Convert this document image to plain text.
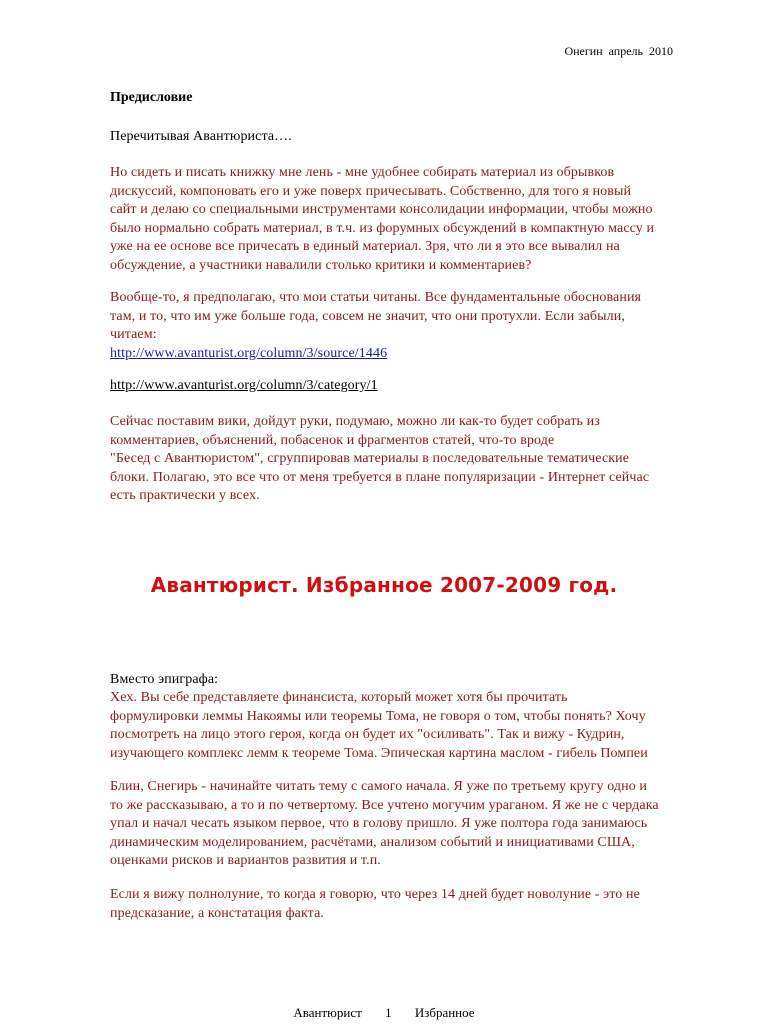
Онегин апрель 2010
Предисловие
Перечитывая Авантюриста….
Но сидеть и писать книжку мне лень - мне удобнее собирать материал из обрывков
дискуссий, компоновать его и уже поверх причесывать. Собственно, для того я новый
сайт и делаю со специальными инструментами консолидации информации, чтобы можно
было нормально собрать материал, в т.ч. из форумных обсуждений в компактную массу и
уже на ее основе все причесать в единый материал. Зря, что ли я это все вывалил на
обсуждение, а участники навалили столько критики и комментариев?
Вообще-то, я предполагаю, что мои статьи читаны. Все фундаментальные обоснования
там, и то, что им уже больше года, совсем не значит, что они протухли. Если забыли,
читаем:
http://www.avanturist.org/column/3/source/1446
http://www.avanturist.org/column/3/category/1
Сейчас поставим вики, дойдут руки, подумаю, можно ли как-то будет собрать из
комментариев, объяснений, побасенок и фрагментов статей, что-то вроде
"Бесед с Авантюристом", сгруппировав материалы в последовательные тематические
блоки. Полагаю, это все что от меня требуется в плане популяризации - Интернет сейчас
есть практически у всех.
Авантюрист. Избранное 2007-2009 год.
Вместо эпиграфа:
Хех. Вы себе представляете финансиста, который может хотя бы прочитать
формулировки леммы Накоямы или теоремы Тома, не говоря о том, чтобы понять? Хочу
посмотреть на лицо этого героя, когда он будет их "осиливать". Так и вижу - Кудрин,
изучающего комплекс лемм к теореме Тома. Эпическая картина маслом - гибель Помпеи
Блин, Снегирь - начинайте читать тему с самого начала. Я уже по третьему кругу одно и
то же рассказываю, а то и по четвертому. Все учтено могучим ураганом. Я же не с чердака
упал и начал чесать языком первое, что в голову пришло. Я уже полтора года занимаюсь
динамическим моделированием, расчётами, анализом событий и инициативами США,
оценками рисков и вариантов развития и т.п.
Если я вижу полнолуние, то когда я говорю, что через 14 дней будет новолуние - это не
предсказание, а констатация факта.
Авантюрист 1 Избранное
